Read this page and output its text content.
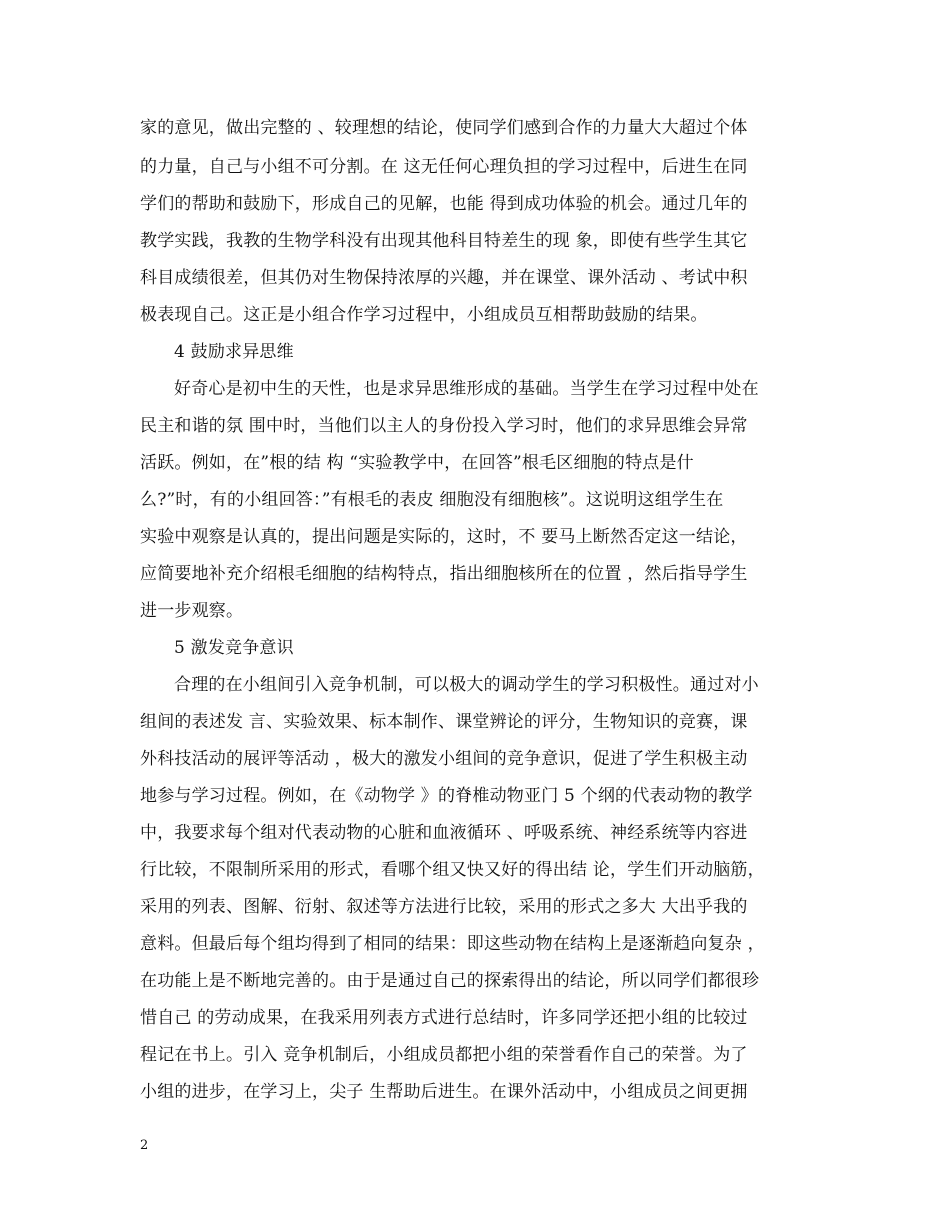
家的意见，做出完整的 、较理想的结论，使同学们感到合作的力量大大超过个体
的力量，自己与小组不可分割。在 这无任何心理负担的学习过程中，后进生在同
学们的帮助和鼓励下，形成自己的见解，也能 得到成功体验的机会。通过几年的
教学实践，我教的生物学科没有出现其他科目特差生的现 象，即使有些学生其它
科目成绩很差，但其仍对生物保持浓厚的兴趣，并在课堂、课外活动 、考试中积
极表现自己。这正是小组合作学习过程中，小组成员互相帮助鼓励的结果。
4 鼓励求异思维
好奇心是初中生的天性，也是求异思维形成的基础。当学生在学习过程中处在
民主和谐的氛 围中时，当他们以主人的身份投入学习时，他们的求异思维会异常
活跃。例如，在”根的结 构 “实验教学中，在回答”根毛区细胞的特点是什
么?”时，有的小组回答：”有根毛的表皮 细胞没有细胞核”。这说明这组学生在
实验中观察是认真的，提出问题是实际的，这时，不 要马上断然否定这一结论，
应简要地补充介绍根毛细胞的结构特点，指出细胞核所在的位置 ，然后指导学生
进一步观察。
5 激发竞争意识
合理的在小组间引入竞争机制，可以极大的调动学生的学习积极性。通过对小
组间的表述发 言、实验效果、标本制作、课堂辨论的评分，生物知识的竞赛，课
外科技活动的展评等活动 ，极大的激发小组间的竞争意识，促进了学生积极主动
地参与学习过程。例如，在《动物学 》的脊椎动物亚门 5 个纲的代表动物的教学
中，我要求每个组对代表动物的心脏和血液循环 、呼吸系统、神经系统等内容进
行比较，不限制所采用的形式，看哪个组又快又好的得出结 论，学生们开动脑筋，
采用的列表、图解、衍射、叙述等方法进行比较，采用的形式之多大 大出乎我的
意料。但最后每个组均得到了相同的结果：即这些动物在结构上是逐渐趋向复杂 ，
在功能上是不断地完善的。由于是通过自己的探索得出的结论，所以同学们都很珍
惜自己 的劳动成果，在我采用列表方式进行总结时，许多同学还把小组的比较过
程记在书上。引入 竞争机制后，小组成员都把小组的荣誉看作自己的荣誉。为了
小组的进步，在学习上，尖子 生帮助后进生。在课外活动中，小组成员之间更拥
2
